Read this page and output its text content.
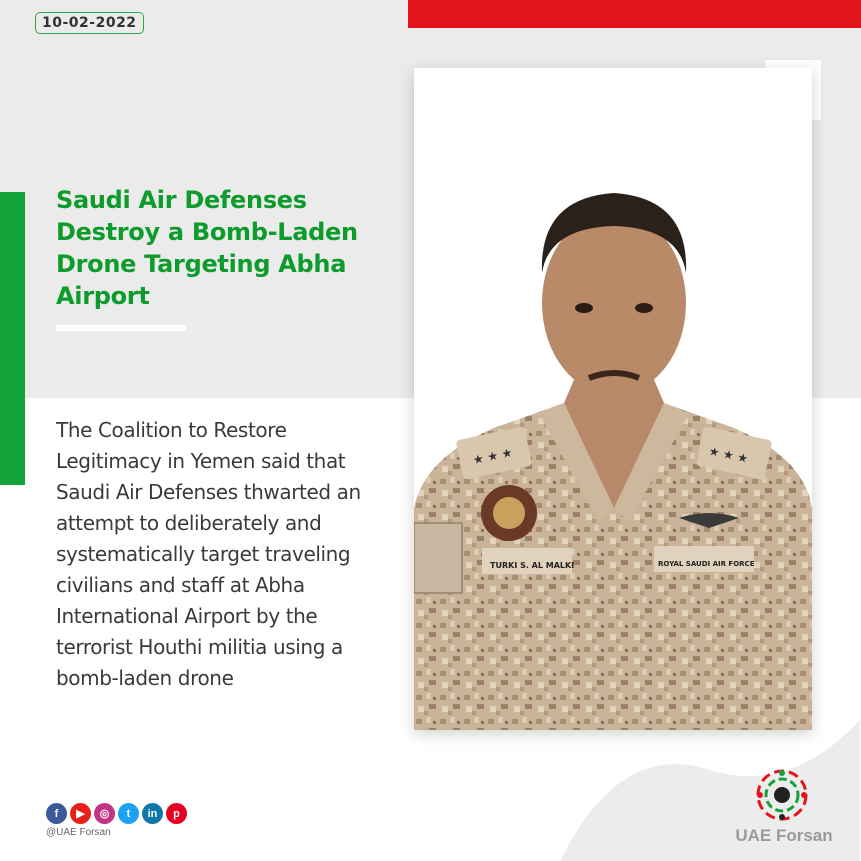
10-02-2022
Saudi Air Defenses Destroy a Bomb-Laden Drone Targeting Abha Airport

The Coalition to Restore Legitimacy in Yemen said that Saudi Air Defenses thwarted an attempt to deliberately and systematically target traveling civilians and staff at Abha International Airport by the terrorist Houthi militia using a bomb-laden drone

★ ★ ★	★ ★ ★
TURKI S. AL MALKI	ROYAL SAUDI AIR FORCE
f	▶	◎	t	in	p
@UAE Forsan	UAE Forsan
